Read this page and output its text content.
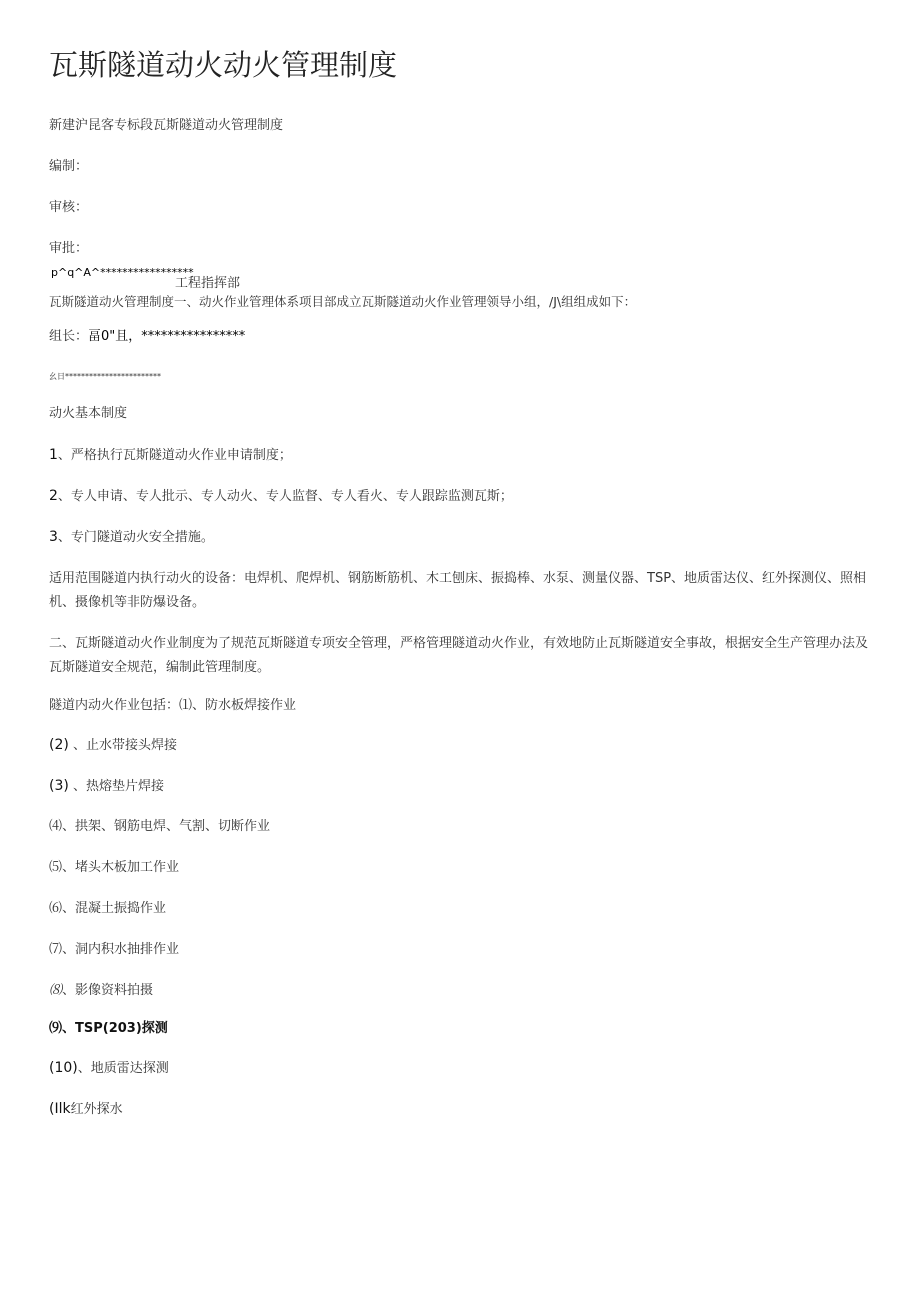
瓦斯隧道动火动火管理制度
新建沪昆客专标段瓦斯隧道动火管理制度
编制：
审核：
审批：
p^q^A^*****************
工程指挥部
瓦斯隧道动火管理制度一、动火作业管理体系项目部成立瓦斯隧道动火作业管理领导小组，/J\组组成如下：
组长：畐0"且，****************
幺日************************
动火基本制度
1、严格执行瓦斯隧道动火作业申请制度；
2、专人申请、专人批示、专人动火、专人监督、专人看火、专人跟踪监测瓦斯；
3、专门隧道动火安全措施。
适用范围隧道内执行动火的设备：电焊机、爬焊机、钢筋断筋机、木工刨床、振捣棒、水泵、测量仪器、TSP、地质雷达仪、红外探测仪、照相机、摄像机等非防爆设备。
二、瓦斯隧道动火作业制度为了规范瓦斯隧道专项安全管理，严格管理隧道动火作业，有效地防止瓦斯隧道安全事故，根据安全生产管理办法及瓦斯隧道安全规范，编制此管理制度。
隧道内动火作业包括：⑴、防水板焊接作业
(2) 、止水带接头焊接
(3) 、热熔垫片焊接
⑷、拱架、钢筋电焊、气割、切断作业
⑸、堵头木板加工作业
⑹、混凝土振捣作业
⑺、洞内积水抽排作业
⑻、影像资料拍摄
⑼、TSP(203)探测
(10)、地质雷达探测
(Ilk红外探水
